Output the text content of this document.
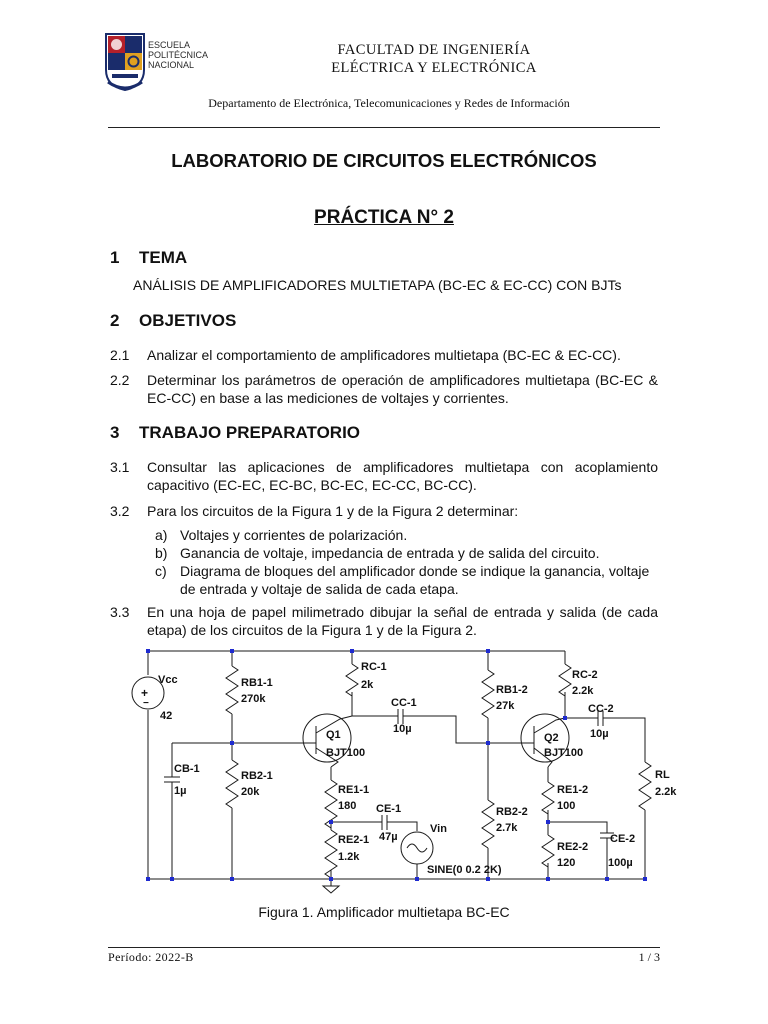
ESCUELA
POLITÉCNICA
NACIONAL
FACULTAD DE INGENIERÍA
ELÉCTRICA Y ELECTRÓNICA
Departamento de Electrónica, Telecomunicaciones y Redes de Información
LABORATORIO DE CIRCUITOS ELECTRÓNICOS
PRÁCTICA N° 2
1 TEMA
ANÁLISIS DE AMPLIFICADORES MULTIETAPA (BC-EC & EC-CC) CON BJTs
2 OBJETIVOS
2.1	Analizar el comportamiento de amplificadores multietapa (BC-EC & EC-CC).
2.2	Determinar los parámetros de operación de amplificadores multietapa (BC-EC & EC-CC) en base a las mediciones de voltajes y corrientes.
3 TRABAJO PREPARATORIO
3.1	Consultar las aplicaciones de amplificadores multietapa con acoplamiento capacitivo (EC-EC, EC-BC, BC-EC, EC-CC, BC-CC).
3.2	Para los circuitos de la Figura 1 y de la Figura 2 determinar:
a) Voltajes y corrientes de polarización.
b) Ganancia de voltaje, impedancia de entrada y de salida del circuito.
c) Diagrama de bloques del amplificador donde se indique la ganancia, voltaje de entrada y voltaje de salida de cada etapa.
3.3	En una hoja de papel milimetrado dibujar la señal de entrada y salida (de cada etapa) de los circuitos de la Figura 1 y de la Figura 2.
+
−
Vcc
42
RB1-1
270k
RB2-1
20k
CB-1
1µ
RC-1
2k
Q1
BJT100
CC-1
10µ
RE1-1
180
RE2-1
1.2k
CE-1
47µ
Vin
SINE(0 0.2 2K)
RB1-2
27k
RB2-2
2.7k
RC-2
2.2k
Q2
BJT100
CC-2
10µ
RE1-2
100
RE2-2
120
CE-2
100µ
RL
2.2k
Figura 1. Amplificador multietapa BC-EC
Período: 2022-B	1 / 3
